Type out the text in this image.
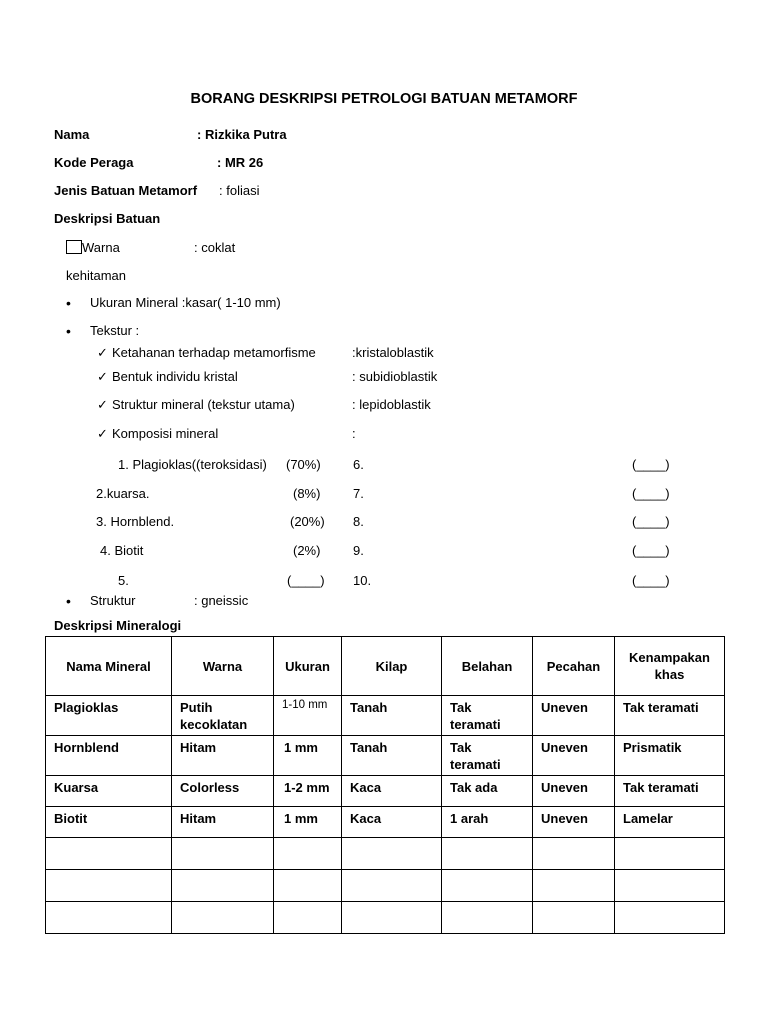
BORANG DESKRIPSI PETROLOGI BATUAN METAMORF
Nama	: Rizkika Putra
Kode Peraga	: MR 26
Jenis Batuan Metamorf : foliasi
Deskripsi Batuan
Warna	: coklat
kehitaman
• Ukuran Mineral :kasar( 1-10 mm)
• Tekstur :
✓ Ketahanan terhadap metamorfisme	:kristaloblastik
✓ Bentuk individu kristal	: subidioblastik
✓ Struktur mineral (tekstur utama)	: lepidoblastik
✓ Komposisi mineral	:
1. Plagioklas((teroksidasi) (70%)
2.kuarsa.	(8%)
3. Hornblend.	(20%)
4. Biotit	(2%)
5.	(____)
6.	(____)
7.	(____)
8.	(____)
9.	(____)
10.	(____)
• Struktur	: gneissic
Deskripsi Mineralogi
Nama Mineral	Warna	Ukuran	Kilap	Belahan	Pecahan	Kenampakan khas
Plagioklas	Putih kecoklatan	1-10 mm	Tanah	Tak teramati	Uneven	Tak teramati
Hornblend	Hitam	1 mm	Tanah	Tak teramati	Uneven	Prismatik
Kuarsa	Colorless	1-2 mm	Kaca	Tak ada	Uneven	Tak teramati
Biotit	Hitam	1 mm	Kaca	1 arah	Uneven	Lamelar
